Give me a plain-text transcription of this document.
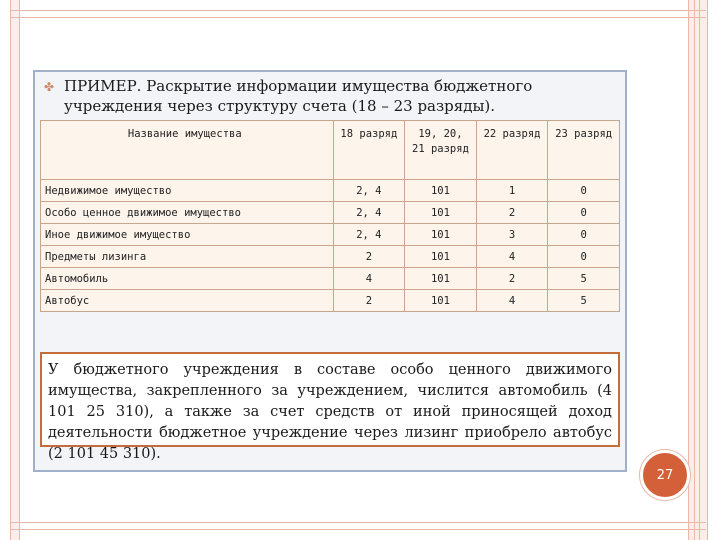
✤ ПРИМЕР. Раскрытие информации имущества бюджетного учреждения через структуру счета (18 – 23 разряды).
Название имущества	18 разряд	19, 20, 21 разряд	22 разряд	23 разряд
Недвижимое имущество	2, 4	101	1	0
Особо ценное движимое имущество	2, 4	101	2	0
Иное движимое имущество	2, 4	101	3	0
Предметы лизинга	2	101	4	0
Автомобиль	4	101	2	5
Автобус	2	101	4	5
У бюджетного учреждения в составе особо ценного движимого имущества, закрепленного за учреждением, числится автомобиль (4 101 25 310), а также за счет средств от иной приносящей доход деятельности бюджетное учреждение через лизинг приобрело автобус (2 101 45 310).
27
